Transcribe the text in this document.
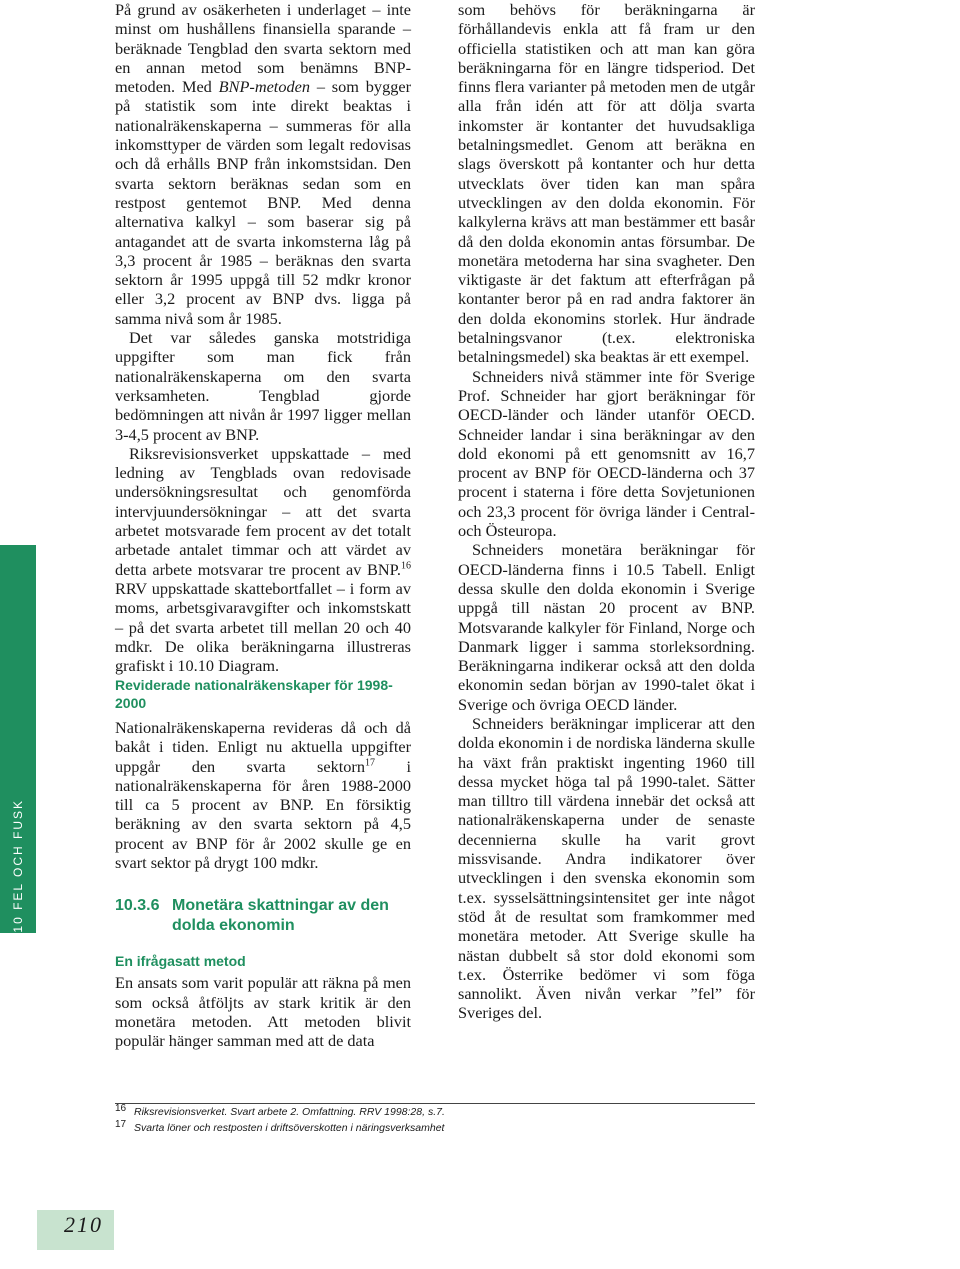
10 FEL OCH FUSK

På grund av osäkerheten i underlaget – inte minst om hushållens finansiella sparande – beräknade Tengblad den svarta sektorn med en annan metod som benämns BNP-metoden. Med BNP-metoden – som bygger på statistik som inte direkt beaktas i nationalräkenskaperna – summeras för alla inkomsttyper de värden som legalt redovisas och då erhålls BNP från inkomstsidan. Den svarta sektorn beräknas sedan som en restpost gentemot BNP. Med denna alternativa kalkyl – som baserar sig på antagandet att de svarta inkomsterna låg på 3,3 procent år 1985 – beräknas den svarta sektorn år 1995 uppgå till 52 mdkr kronor eller 3,2 procent av BNP dvs. ligga på samma nivå som år 1985.

Det var således ganska motstridiga uppgifter som man fick från nationalräkenskaperna om den svarta verksamheten. Tengblad gjorde bedömningen att nivån år 1997 ligger mellan 3-4,5 procent av BNP.

Riksrevisionsverket uppskattade – med ledning av Tengblads ovan redovisade undersökningsresultat och genomförda intervjuundersökningar – att det svarta arbetet motsvarade fem procent av det totalt arbetade antalet timmar och att värdet av detta arbete motsvarar tre procent av BNP.$^{16}$ RRV uppskattade skattebortfallet – i form av moms, arbetsgivaravgifter och inkomstskatt – på det svarta arbetet till mellan 20 och 40 mdkr. De olika beräkningarna illustreras grafiskt i 10.10 Diagram.

Reviderade nationalräkenskaper för 1998-2000

Nationalräkenskaperna revideras då och då bakåt i tiden. Enligt nu aktuella uppgifter uppgår den svarta sektorn$^{17}$ i nationalräkenskaperna för åren 1988-2000 till ca 5 procent av BNP. En försiktig beräkning av den svarta sektorn på 4,5 procent av BNP för år 2002 skulle ge en svart sektor på drygt 100 mdkr.

10.3.6 Monetära skattningar av den dolda ekonomin

En ifrågasatt metod

En ansats som varit populär att räkna på men som också åtföljts av stark kritik är den monetära metoden. Att metoden blivit populär hänger samman med att de data

som behövs för beräkningarna är förhållandevis enkla att få fram ur den officiella statistiken och att man kan göra beräkningarna för en längre tidsperiod. Det finns flera varianter på metoden men de utgår alla från idén att för att dölja svarta inkomster är kontanter det huvudsakliga betalningsmedlet. Genom att beräkna en slags överskott på kontanter och hur detta utvecklats över tiden kan man spåra utvecklingen av den dolda ekonomin. För kalkylerna krävs att man bestämmer ett basår då den dolda ekonomin antas försumbar. De monetära metoderna har sina svagheter. Den viktigaste är det faktum att efterfrågan på kontanter beror på en rad andra faktorer än den dolda ekonomins storlek. Hur ändrade betalningsvanor (t.ex. elektroniska betalningsmedel) ska beaktas är ett exempel.

Schneiders nivå stämmer inte för Sverige Prof. Schneider har gjort beräkningar för OECD-länder och länder utanför OECD. Schneider landar i sina beräkningar av den dold ekonomi på ett genomsnitt av 16,7 procent av BNP för OECD-länderna och 37 procent i staterna i före detta Sovjetunionen och 23,3 procent för övriga länder i Central- och Östeuropa.

Schneiders monetära beräkningar för OECD-länderna finns i 10.5 Tabell. Enligt dessa skulle den dolda ekonomin i Sverige uppgå till nästan 20 procent av BNP. Motsvarande kalkyler för Finland, Norge och Danmark ligger i samma storleksordning. Beräkningarna indikerar också att den dolda ekonomin sedan början av 1990-talet ökat i Sverige och övriga OECD länder.

Schneiders beräkningar implicerar att den dolda ekonomin i de nordiska länderna skulle ha växt från praktiskt ingenting 1960 till dessa mycket höga tal på 1990-talet. Sätter man tilltro till värdena innebär det också att nationalräkenskaperna under de senaste decennierna skulle ha varit grovt missvisande. Andra indikatorer över utvecklingen i den svenska ekonomin som t.ex. sysselsättningsintensitet ger inte något stöd åt de resultat som framkommer med monetära metoder. Att Sverige skulle ha nästan dubbelt så stor dold ekonomi som t.ex. Österrike bedömer vi som föga sannolikt. Även nivån verkar ”fel” för Sveriges del.

16 Riksrevisionsverket. Svart arbete 2. Omfattning. RRV 1998:28, s.7.
17 Svarta löner och restposten i driftsöverskotten i näringsverksamhet
210
